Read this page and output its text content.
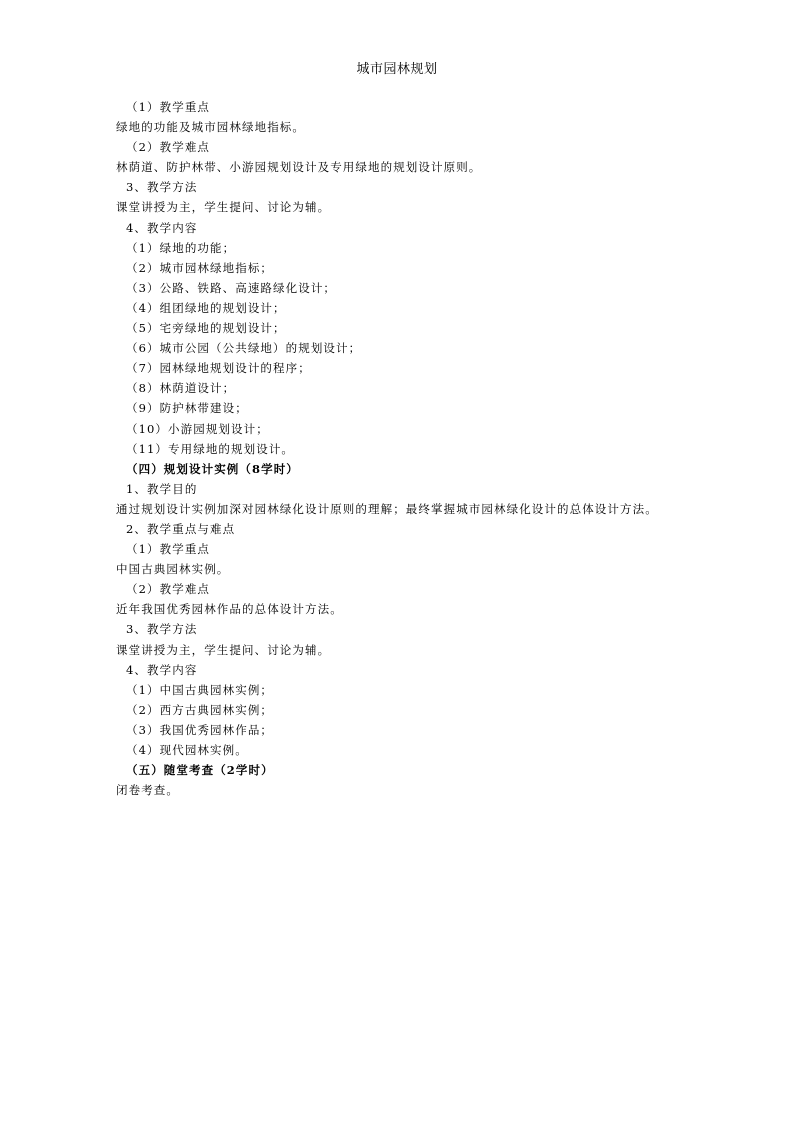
城市园林规划
（1）教学重点
绿地的功能及城市园林绿地指标。
（2）教学难点
林荫道、防护林带、小游园规划设计及专用绿地的规划设计原则。
3、教学方法
课堂讲授为主，学生提问、讨论为辅。
4、教学内容
（1）绿地的功能；
（2）城市园林绿地指标；
（3）公路、铁路、高速路绿化设计；
（4）组团绿地的规划设计；
（5）宅旁绿地的规划设计；
（6）城市公园（公共绿地）的规划设计；
（7）园林绿地规划设计的程序；
（8）林荫道设计；
（9）防护林带建设；
（10）小游园规划设计；
（11）专用绿地的规划设计。
（四）规划设计实例（8学时）
1、教学目的
通过规划设计实例加深对园林绿化设计原则的理解；最终掌握城市园林绿化设计的总体设计方法。
2、教学重点与难点
（1）教学重点
中国古典园林实例。
（2）教学难点
近年我国优秀园林作品的总体设计方法。
3、教学方法
课堂讲授为主，学生提问、讨论为辅。
4、教学内容
（1）中国古典园林实例；
（2）西方古典园林实例；
（3）我国优秀园林作品；
（4）现代园林实例。
（五）随堂考查（2学时）
闭卷考查。
